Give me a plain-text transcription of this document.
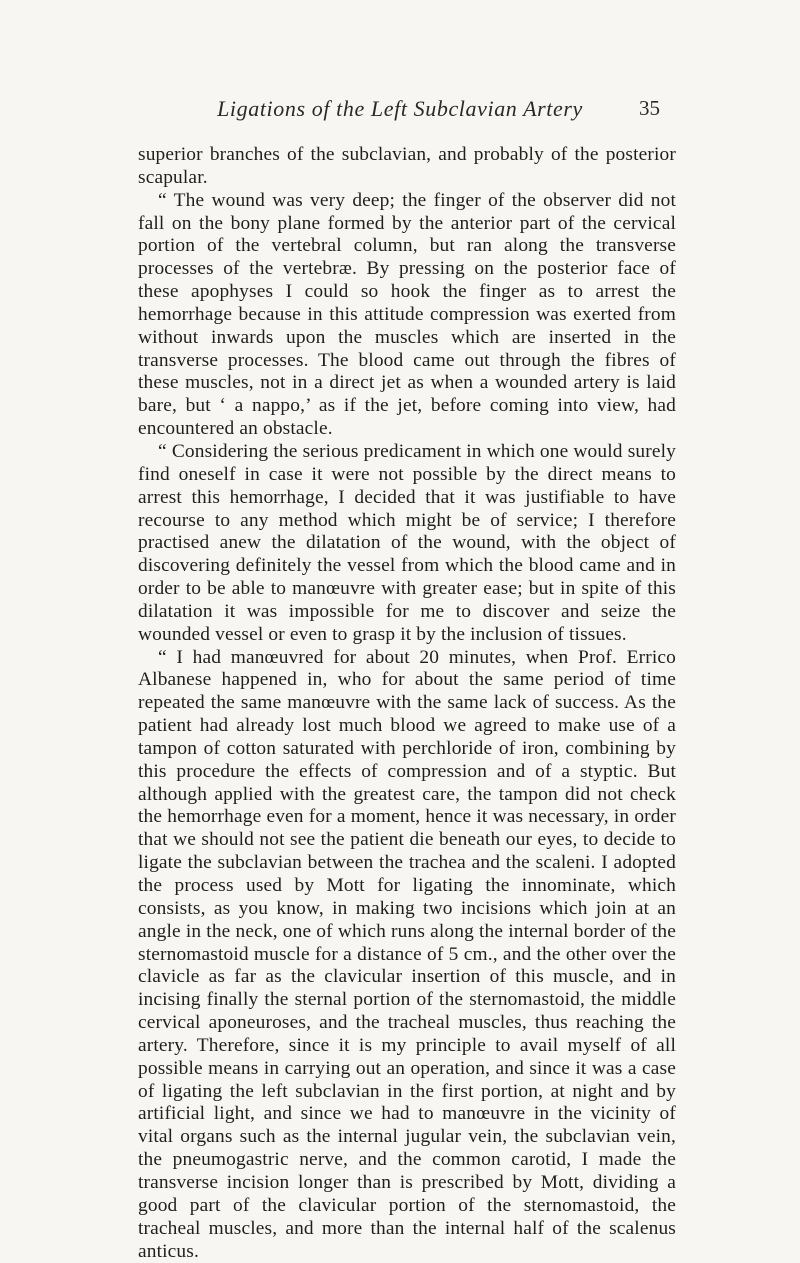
Ligations of the Left Subclavian Artery	35

superior branches of the subclavian, and probably of the posterior scapular.

“ The wound was very deep; the finger of the observer did not fall on the bony plane formed by the anterior part of the cervical portion of the vertebral column, but ran along the transverse processes of the vertebræ. By pressing on the posterior face of these apophyses I could so hook the finger as to arrest the hemorrhage because in this attitude compression was exerted from without inwards upon the muscles which are inserted in the transverse processes. The blood came out through the fibres of these muscles, not in a direct jet as when a wounded artery is laid bare, but ‘ a nappo,’ as if the jet, before coming into view, had encountered an obstacle.

“ Considering the serious predicament in which one would surely find oneself in case it were not possible by the direct means to arrest this hemorrhage, I decided that it was justifiable to have recourse to any method which might be of service; I therefore practised anew the dilatation of the wound, with the object of discovering definitely the vessel from which the blood came and in order to be able to manœuvre with greater ease; but in spite of this dilatation it was impossible for me to discover and seize the wounded vessel or even to grasp it by the inclusion of tissues.

“ I had manœuvred for about 20 minutes, when Prof. Errico Albanese happened in, who for about the same period of time repeated the same manœuvre with the same lack of success. As the patient had already lost much blood we agreed to make use of a tampon of cotton saturated with perchloride of iron, combining by this procedure the effects of compression and of a styptic. But although applied with the greatest care, the tampon did not check the hemorrhage even for a moment, hence it was necessary, in order that we should not see the patient die beneath our eyes, to decide to ligate the subclavian between the trachea and the scaleni. I adopted the process used by Mott for ligating the innominate, which consists, as you know, in making two incisions which join at an angle in the neck, one of which runs along the internal border of the sternomastoid muscle for a distance of 5 cm., and the other over the clavicle as far as the clavicular insertion of this muscle, and in incising finally the sternal portion of the sternomastoid, the middle cervical aponeuroses, and the tracheal muscles, thus reaching the artery. Therefore, since it is my principle to avail myself of all possible means in carrying out an operation, and since it was a case of ligating the left subclavian in the first portion, at night and by artificial light, and since we had to manœuvre in the vicinity of vital organs such as the internal jugular vein, the subclavian vein, the pneumogastric nerve, and the common carotid, I made the transverse incision longer than is prescribed by Mott, dividing a good part of the clavicular portion of the sternomastoid, the tracheal muscles, and more than the internal half of the scalenus anticus.
